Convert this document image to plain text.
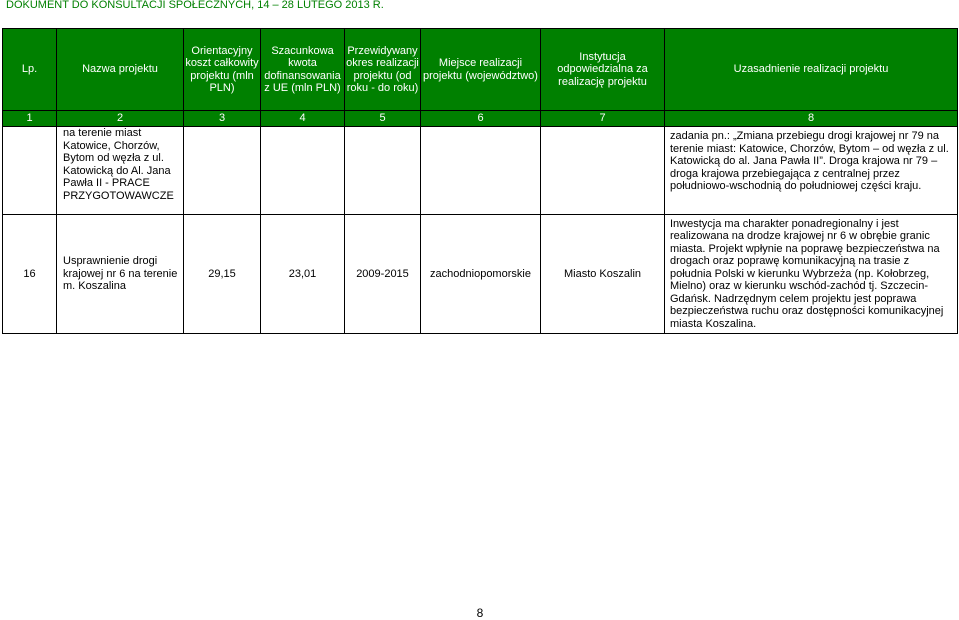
DOKUMENT DO KONSULTACJI SPOŁECZNYCH, 14 – 28 LUTEGO 2013 R.
Lp.	Nazwa projektu	Orientacyjny koszt całkowity projektu (mln PLN)	Szacunkowa kwota dofinansowania z UE (mln PLN)	Przewidywany okres realizacji projektu (od roku - do roku)	Miejsce realizacji projektu (województwo)	Instytucja odpowiedzialna za realizację projektu	Uzasadnienie realizacji projektu
1	2	3	4	5	6	7	8
	na terenie miast Katowice, Chorzów, Bytom od węzła z ul. Katowicką do Al. Jana Pawła II - PRACE PRZYGOTOWAWCZE						zadania pn.: „Zmiana przebiegu drogi krajowej nr 79 na terenie miast: Katowice, Chorzów, Bytom – od węzła z ul. Katowicką do al. Jana Pawła II”. Droga krajowa nr 79 – droga krajowa przebiegająca z centralnej przez południowo-wschodnią do południowej części kraju.
16	Usprawnienie drogi krajowej nr 6 na terenie m. Koszalina	29,15	23,01	2009-2015	zachodniopomorskie	Miasto Koszalin	Inwestycja ma charakter ponadregionalny i jest realizowana na drodze krajowej nr 6 w obrębie granic miasta. Projekt wpłynie na poprawę bezpieczeństwa na drogach oraz poprawę komunikacyjną na trasie z południa Polski w kierunku Wybrzeża (np. Kołobrzeg, Mielno) oraz w kierunku wschód-zachód tj. Szczecin-Gdańsk. Nadrzędnym celem projektu jest poprawa bezpieczeństwa ruchu oraz dostępności komunikacyjnej miasta Koszalina.
8
